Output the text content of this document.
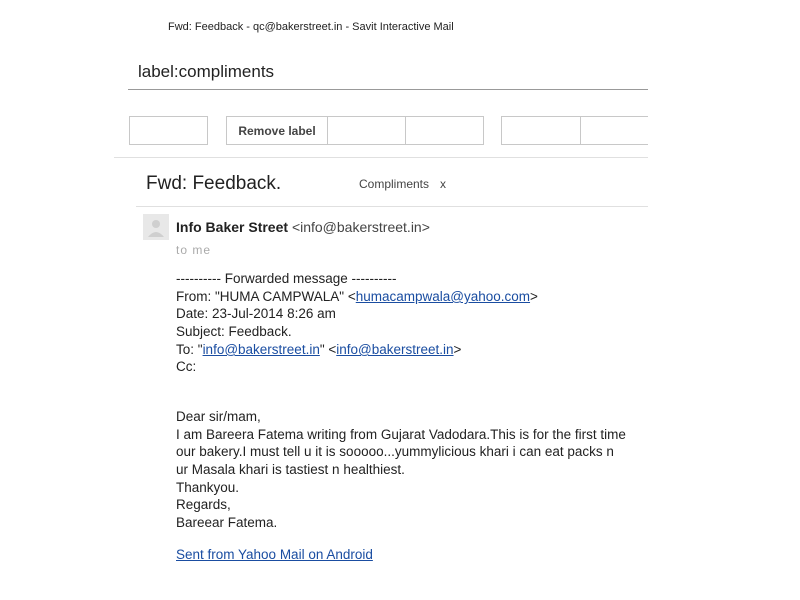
Fwd: Feedback - qc@bakerstreet.in - Savit Interactive Mail
label:compliments
Remove label
Fwd: Feedback.	Compliments x
Info Baker Street <info@bakerstreet.in>
to me
---------- Forwarded message ----------
From: "HUMA CAMPWALA" <humacampwala@yahoo.com>
Date: 23-Jul-2014 8:26 am
Subject: Feedback.
To: "info@bakerstreet.in" <info@bakerstreet.in>
Cc:
Dear sir/mam,
I am Bareera Fatema writing from Gujarat Vadodara.This is for the first time
our bakery.I must tell u it is sooooo...yummylicious khari i can eat packs n
ur Masala khari is tastiest n healthiest.
Thankyou.
Regards,
Bareear Fatema.
Sent from Yahoo Mail on Android
